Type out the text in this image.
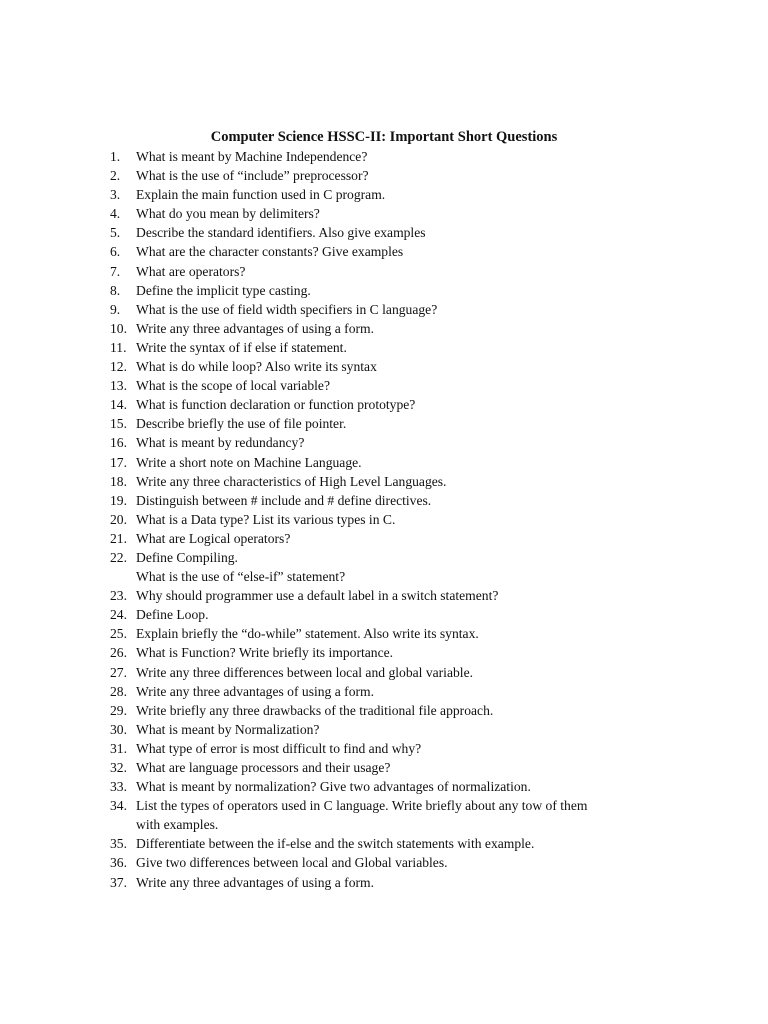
Computer Science HSSC-II: Important Short Questions
1.	What is meant by Machine Independence?
2.	What is the use of “include” preprocessor?
3.	Explain the main function used in C program.
4.	What do you mean by delimiters?
5.	Describe the standard identifiers. Also give examples
6.	What are the character constants? Give examples
7.	What are operators?
8.	Define the implicit type casting.
9.	What is the use of field width specifiers in C language?
10. Write any three advantages of using a form.
11. Write the syntax of if else if statement.
12. What is do while loop? Also write its syntax
13. What is the scope of local variable?
14. What is function declaration or function prototype?
15. Describe briefly the use of file pointer.
16. What is meant by redundancy?
17. Write a short note on Machine Language.
18. Write any three characteristics of High Level Languages.
19. Distinguish between # include and # define directives.
20. What is a Data type? List its various types in C.
21. What are Logical operators?
22. Define Compiling.
What is the use of “else-if” statement?
23. Why should programmer use a default label in a switch statement?
24. Define Loop.
25. Explain briefly the “do-while” statement. Also write its syntax.
26. What is Function? Write briefly its importance.
27. Write any three differences between local and global variable.
28. Write any three advantages of using a form.
29. Write briefly any three drawbacks of the traditional file approach.
30. What is meant by Normalization?
31. What type of error is most difficult to find and why?
32. What are language processors and their usage?
33. What is meant by normalization? Give two advantages of normalization.
34. List the types of operators used in C language. Write briefly about any tow of them
with examples.
35. Differentiate between the if-else and the switch statements with example.
36. Give two differences between local and Global variables.
37. Write any three advantages of using a form.
